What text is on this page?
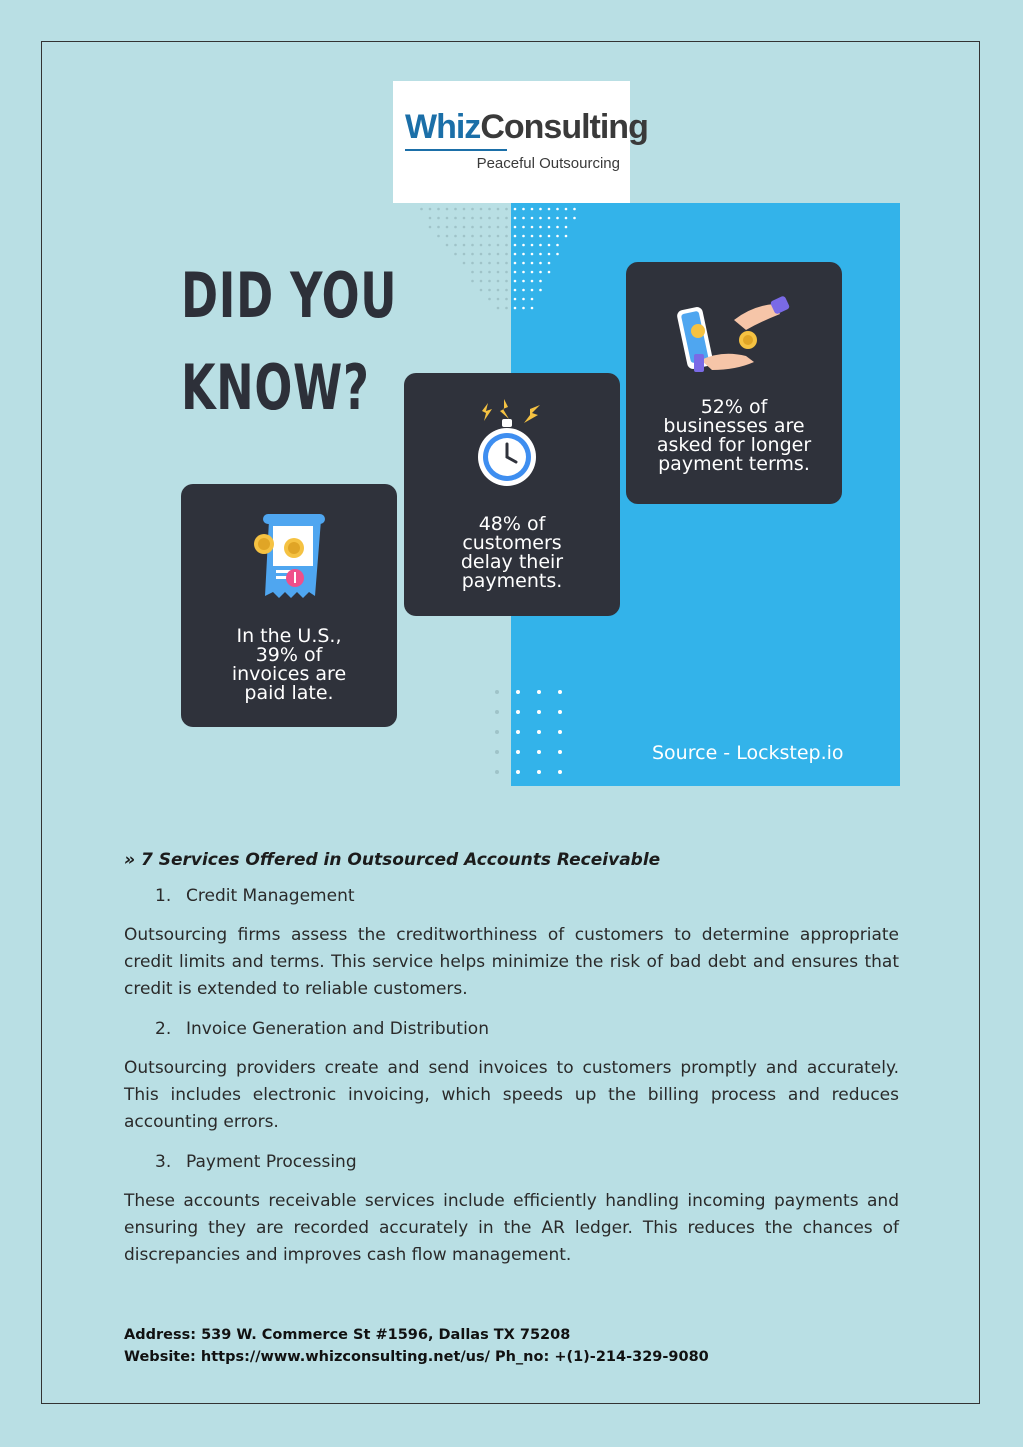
WhizConsulting
Peaceful Outsourcing
DID YOU
KNOW?	52% of
businesses are
asked for longer
payment terms.
48% of
customers
delay their
payments.
In the U.S.,
39% of
invoices are
paid late.
Source - Lockstep.io

» 7 Services Offered in Outsourced Accounts Receivable

1. Credit Management

Outsourcing firms assess the creditworthiness of customers to determine appropriate credit limits and terms. This service helps minimize the risk of bad debt and ensures that credit is extended to reliable customers.

2. Invoice Generation and Distribution

Outsourcing providers create and send invoices to customers promptly and accurately. This includes electronic invoicing, which speeds up the billing process and reduces accounting errors.

3. Payment Processing

These accounts receivable services include efficiently handling incoming payments and ensuring they are recorded accurately in the AR ledger. This reduces the chances of discrepancies and improves cash flow management.

Address: 539 W. Commerce St #1596, Dallas TX 75208
Website: https://www.whizconsulting.net/us/ Ph_no: +(1)-214-329-9080
